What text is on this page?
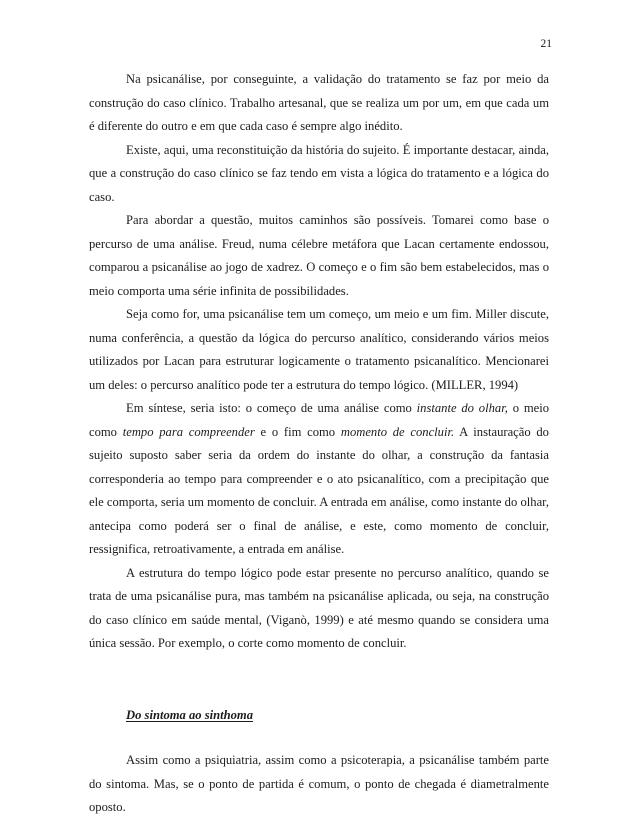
21

Na psicanálise, por conseguinte, a validação do tratamento se faz por meio da construção do caso clínico. Trabalho artesanal, que se realiza um por um, em que cada um é diferente do outro e em que cada caso é sempre algo inédito.

Existe, aqui, uma reconstituição da história do sujeito. É importante destacar, ainda, que a construção do caso clínico se faz tendo em vista a lógica do tratamento e a lógica do caso.

Para abordar a questão, muitos caminhos são possíveis. Tomarei como base o percurso de uma análise. Freud, numa célebre metáfora que Lacan certamente endossou, comparou a psicanálise ao jogo de xadrez. O começo e o fim são bem estabelecidos, mas o meio comporta uma série infinita de possibilidades.

Seja como for, uma psicanálise tem um começo, um meio e um fim. Miller discute, numa conferência, a questão da lógica do percurso analítico, considerando vários meios utilizados por Lacan para estruturar logicamente o tratamento psicanalítico. Mencionarei um deles: o percurso analítico pode ter a estrutura do tempo lógico. (MILLER, 1994)

Em síntese, seria isto: o começo de uma análise como instante do olhar, o meio como tempo para compreender e o fim como momento de concluir. A instauração do sujeito suposto saber seria da ordem do instante do olhar, a construção da fantasia corresponderia ao tempo para compreender e o ato psicanalítico, com a precipitação que ele comporta, seria um momento de concluir. A entrada em análise, como instante do olhar, antecipa como poderá ser o final de análise, e este, como momento de concluir, ressignifica, retroativamente, a entrada em análise.

A estrutura do tempo lógico pode estar presente no percurso analítico, quando se trata de uma psicanálise pura, mas também na psicanálise aplicada, ou seja, na construção do caso clínico em saúde mental, (Viganò, 1999) e até mesmo quando se considera uma única sessão. Por exemplo, o corte como momento de concluir.

Do sintoma ao sinthoma

Assim como a psiquiatria, assim como a psicoterapia, a psicanálise também parte do sintoma. Mas, se o ponto de partida é comum, o ponto de chegada é diametralmente oposto.
